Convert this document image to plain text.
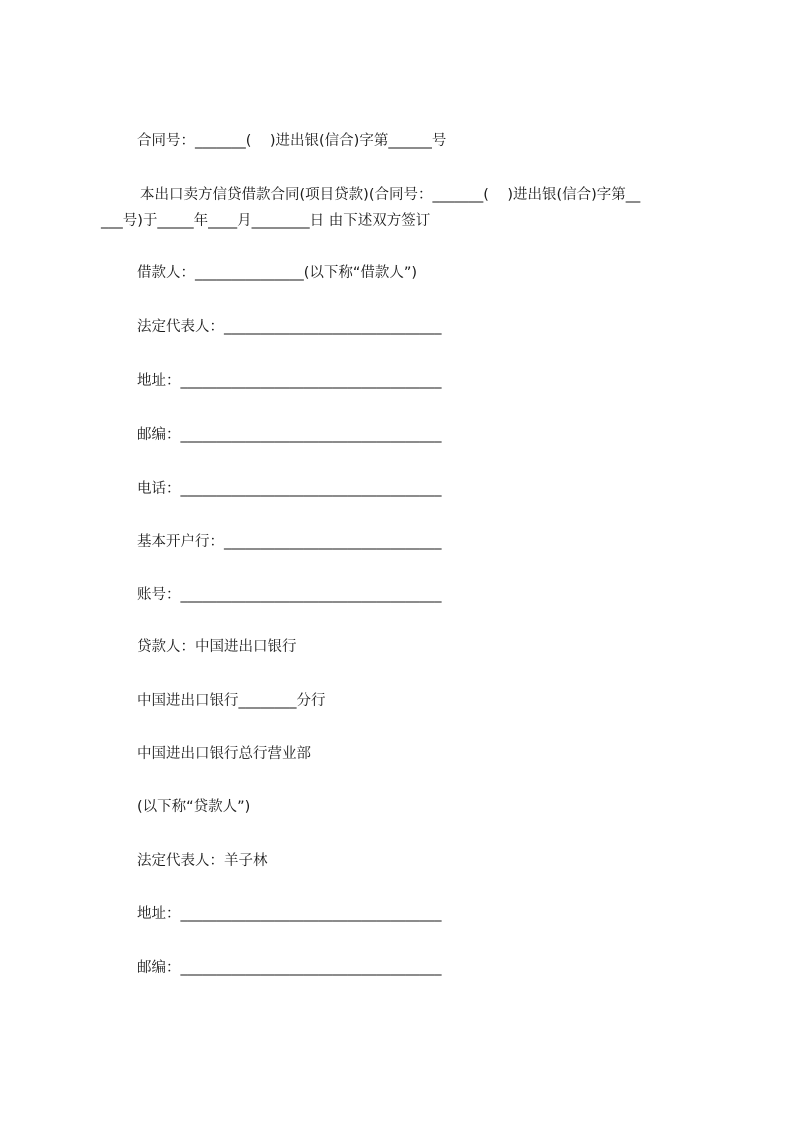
合同号：_______(    )进出银(信合)字第______号
本出口卖方信贷借款合同(项目贷款)(合同号：_______(    )进出银(信合)字第__
___号)于_____年____月________日 由下述双方签订
借款人：_______________(以下称“借款人”)
法定代表人：______________________________
地址：____________________________________
邮编：____________________________________
电话：____________________________________
基本开户行：______________________________
账号：____________________________________
贷款人：中国进出口银行
中国进出口银行________分行
中国进出口银行总行营业部
(以下称“贷款人”)
法定代表人：羊子林
地址：____________________________________
邮编：____________________________________
